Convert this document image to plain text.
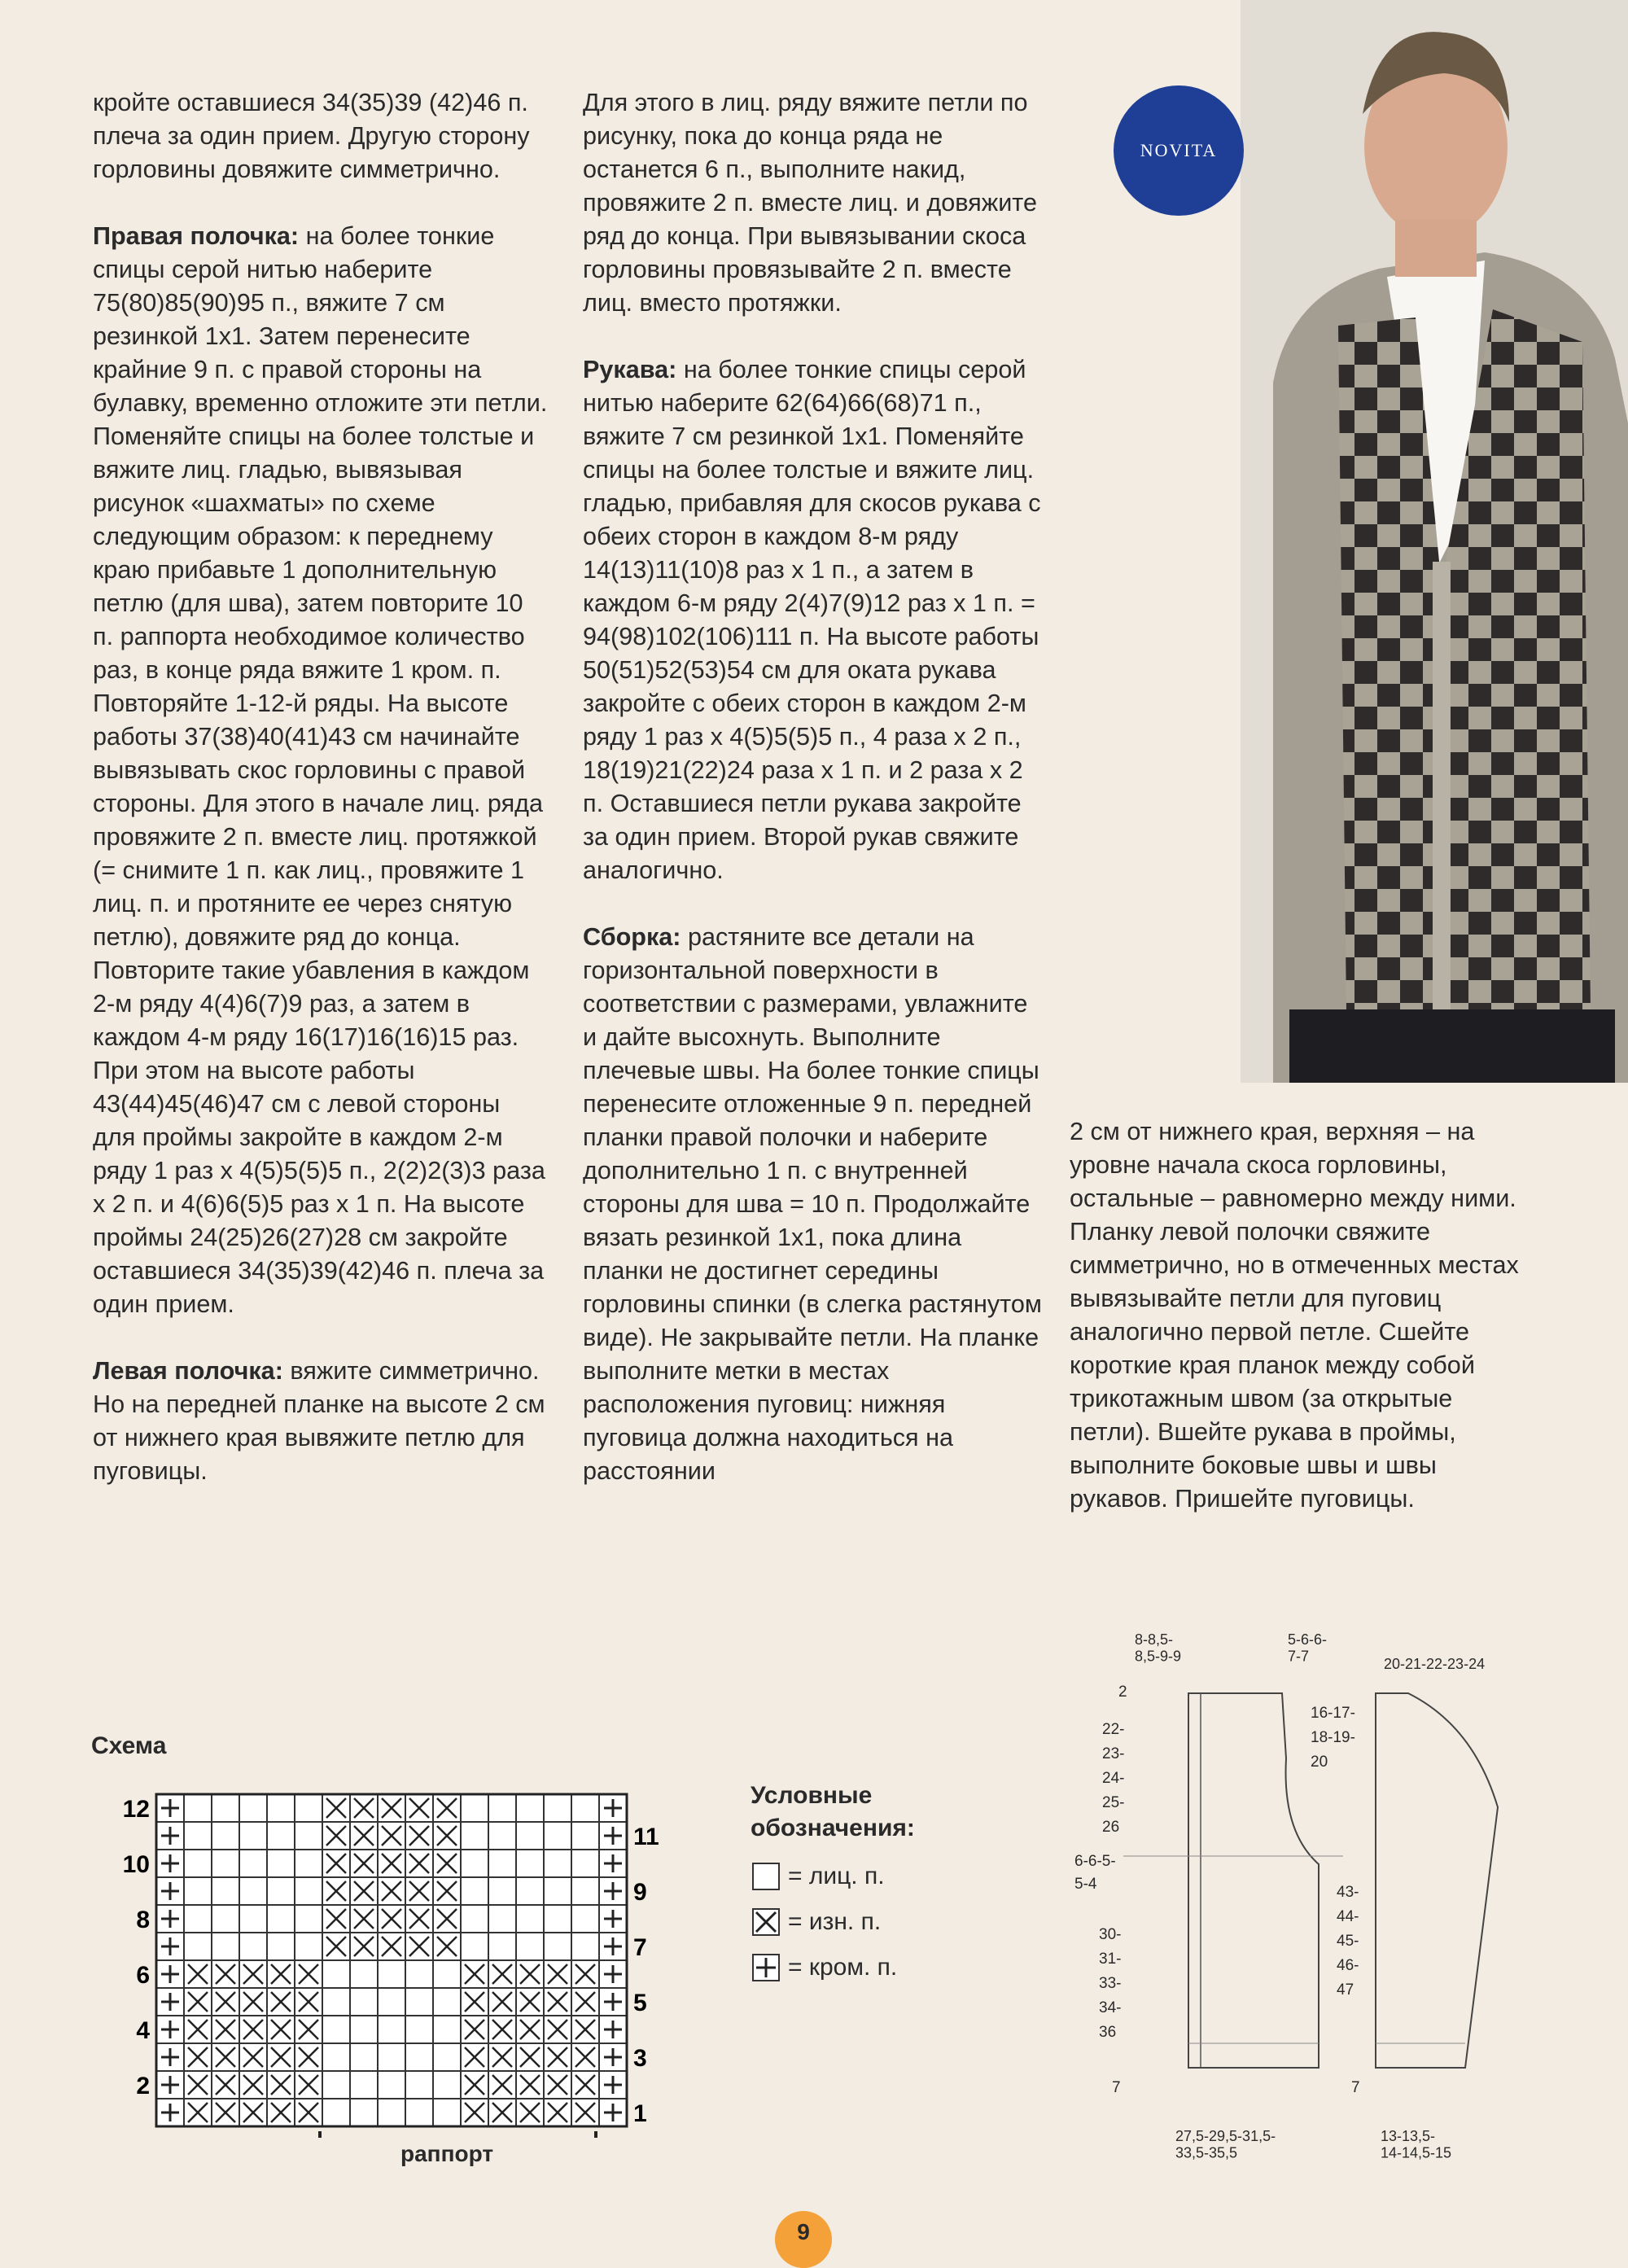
кройте оставшиеся 34(35)39 (42)46 п. плеча за один прием. Другую сторону горловины довяжите симметрично.

Правая полочка: на более тонкие спицы серой нитью наберите 75(80)85(90)95 п., вяжите 7 см резинкой 1х1. Затем перенесите крайние 9 п. с правой стороны на булавку, временно отложите эти петли. Поменяйте спицы на более толстые и вяжите лиц. гладью, вывязывая рисунок «шахматы» по схеме следующим образом: к переднему краю прибавьте 1 дополнительную петлю (для шва), затем повторите 10 п. раппорта необходимое количество раз, в конце ряда вяжите 1 кром. п. Повторяйте 1-12-й ряды. На высоте работы 37(38)40(41)43 см начинайте вывязывать скос горловины с правой стороны. Для этого в начале лиц. ряда провяжите 2 п. вместе лиц. протяжкой (= снимите 1 п. как лиц., провяжите 1 лиц. п. и протяните ее через снятую петлю), довяжите ряд до конца. Повторите такие убавления в каждом 2-м ряду 4(4)6(7)9 раз, а затем в каждом 4-м ряду 16(17)16(16)15 раз. При этом на высоте работы 43(44)45(46)47 см с левой стороны для проймы закройте в каждом 2-м ряду 1 раз х 4(5)5(5)5 п., 2(2)2(3)3 раза х 2 п. и 4(6)6(5)5 раз х 1 п. На высоте проймы 24(25)26(27)28 см закройте оставшиеся 34(35)39(42)46 п. плеча за один прием.

Левая полочка: вяжите симметрично. Но на передней планке на высоте 2 см от нижнего края вывяжите петлю для пуговицы.

Для этого в лиц. ряду вяжите петли по рисунку, пока до конца ряда не останется 6 п., выполните накид, провяжите 2 п. вместе лиц. и довяжите ряд до конца. При вывязывании скоса горловины провязывайте 2 п. вместе лиц. вместо протяжки.

Рукава: на более тонкие спицы серой нитью наберите 62(64)66(68)71 п., вяжите 7 см резинкой 1х1. Поменяйте спицы на более толстые и вяжите лиц. гладью, прибавляя для скосов рукава с обеих сторон в каждом 8-м ряду 14(13)11(10)8 раз х 1 п., а затем в каждом 6-м ряду 2(4)7(9)12 раз х 1 п. = 94(98)102(106)111 п. На высоте работы 50(51)52(53)54 см для оката рукава закройте с обеих сторон в каждом 2-м ряду 1 раз х 4(5)5(5)5 п., 4 раза х 2 п., 18(19)21(22)24 раза х 1 п. и 2 раза х 2 п. Оставшиеся петли рукава закройте за один прием. Второй рукав свяжите аналогично.

Сборка: растяните все детали на горизонтальной поверхности в соответствии с размерами, увлажните и дайте высохнуть. Выполните плечевые швы. На более тонкие спицы перенесите отложенные 9 п. передней планки правой полочки и наберите дополнительно 1 п. с внутренней стороны для шва = 10 п. Продолжайте вязать резинкой 1х1, пока длина планки не достигнет середины горловины спинки (в слегка растянутом виде). Не закрывайте петли. На планке выполните метки в местах расположения пуговиц: нижняя пуговица должна находиться на расстоянии

NOVITA

2 см от нижнего края, верхняя – на уровне начала скоса горловины, остальные – равномерно между ними. Планку левой полочки свяжите симметрично, но в отмеченных местах вывязывайте петли для пуговиц аналогично первой петле. Сшейте короткие края планок между собой трикотажным швом (за открытые петли). Вшейте рукава в проймы, выполните боковые швы и швы рукавов. Пришейте пуговицы.

Схема
12
10
8
6
4
2
11
9
7
5
3
1
раппорт
Условные
обозначения:
= лиц. п.
= изн. п.
= кром. п.
8-8,5-8,5-9-9
5-6-6-7-7
2
22-
23-
24-
25-
26
6-6-5-
5-4
30-
31-
33-
34-
36
7
27,5-29,5-31,5-33,5-35,5
20-21-22-23-24
16-17-
18-19-
20
43-
44-
45-
46-
47
7
13-13,5-14-14,5-15
9
